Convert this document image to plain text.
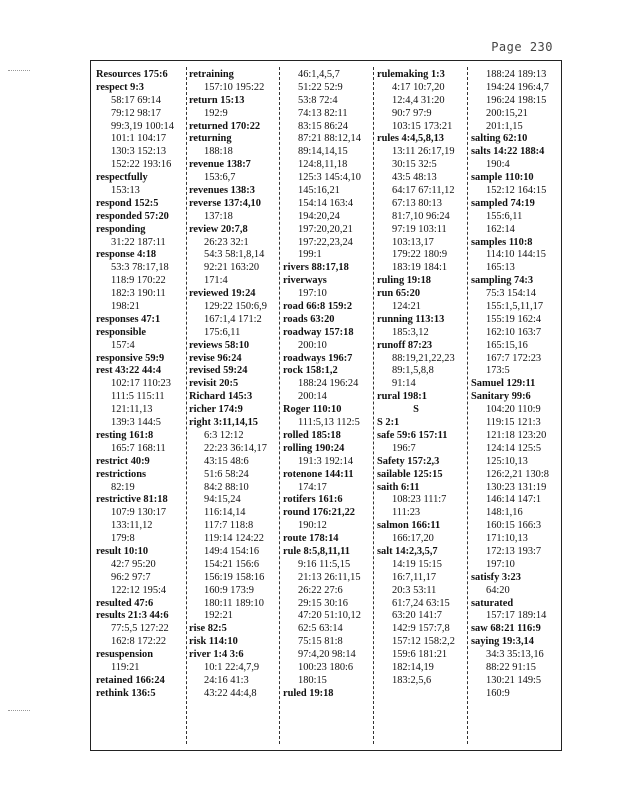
Page 230
Resources 175:6
respect 9:3
58:17 69:14
79:12 98:17
99:3,19 100:14
101:1 104:17
130:3 152:13
152:22 193:16
respectfully
153:13
respond 152:5
responded 57:20
responding
31:22 187:11
response 4:18
53:3 78:17,18
118:9 170:22
182:3 190:11
198:21
responses 47:1
responsible
157:4
responsive 59:9
rest 43:22 44:4
102:17 110:23
111:5 115:11
121:11,13
139:3 144:5
resting 161:8
165:7 168:11
restrict 40:9
restrictions
82:19
restrictive 81:18
107:9 130:17
133:11,12
179:8
result 10:10
42:7 95:20
96:2 97:7
122:12 195:4
resulted 47:6
results 21:3 44:6
77:5,5 127:22
162:8 172:22
resuspension
119:21
retained 166:24
rethink 136:5
retraining
157:10 195:22
return 15:13
192:9
returned 170:22
returning
188:18
revenue 138:7
153:6,7
revenues 138:3
reverse 137:4,10
137:18
review 20:7,8
26:23 32:1
54:3 58:1,8,14
92:21 163:20
171:4
reviewed 19:24
129:22 150:6,9
167:1,4 171:2
175:6,11
reviews 58:10
revise 96:24
revised 59:24
revisit 20:5
Richard 145:3
richer 174:9
right 3:11,14,15
6:3 12:12
22:23 36:14,17
43:15 48:6
51:6 58:24
84:2 88:10
94:15,24
116:14,14
117:7 118:8
119:14 124:22
149:4 154:16
154:21 156:6
156:19 158:16
160:9 173:9
180:11 189:10
192:21
rise 82:5
risk 114:10
river 1:4 3:6
10:1 22:4,7,9
24:16 41:3
43:22 44:4,8
46:1,4,5,7
51:22 52:9
53:8 72:4
74:13 82:11
83:15 86:24
87:21 88:12,14
89:14,14,15
124:8,11,18
125:3 145:4,10
145:16,21
154:14 163:4
194:20,24
197:20,20,21
197:22,23,24
199:1
rivers 88:17,18
riverways
197:10
road 66:8 159:2
roads 63:20
roadway 157:18
200:10
roadways 196:7
rock 158:1,2
188:24 196:24
200:14
Roger 110:10
111:5,13 112:5
rolled 185:18
rolling 190:24
191:3 192:14
rotenone 144:11
174:17
rotifers 161:6
round 176:21,22
190:12
route 178:14
rule 8:5,8,11,11
9:16 11:5,15
21:13 26:11,15
26:22 27:6
29:15 30:16
47:20 51:10,12
62:5 63:14
75:15 81:8
97:4,20 98:14
100:23 180:6
180:15
ruled 19:18
rulemaking 1:3
4:17 10:7,20
12:4,4 31:20
90:7 97:9
103:15 173:21
rules 4:4,5,8,13
13:11 26:17,19
30:15 32:5
43:5 48:13
64:17 67:11,12
67:13 80:13
81:7,10 96:24
97:19 103:11
103:13,17
179:22 180:9
183:19 184:1
ruling 19:18
run 65:20
124:21
running 113:13
185:3,12
runoff 87:23
88:19,21,22,23
89:1,5,8,8
91:14
rural 198:1
S
S 2:1
safe 59:6 157:11
196:7
Safety 157:2,3
sailable 125:15
saith 6:11
108:23 111:7
111:23
salmon 166:11
166:17,20
salt 14:2,3,5,7
14:19 15:15
16:7,11,17
20:3 53:11
61:7,24 63:15
63:20 141:7
142:9 157:7,8
157:12 158:2,2
159:6 181:21
182:14,19
183:2,5,6
188:24 189:13
194:24 196:4,7
196:24 198:15
200:15,21
201:1,15
salting 62:10
salts 14:22 188:4
190:4
sample 110:10
152:12 164:15
sampled 74:19
155:6,11
162:14
samples 110:8
114:10 144:15
165:13
sampling 74:3
75:3 154:14
155:1,5,11,17
155:19 162:4
162:10 163:7
165:15,16
167:7 172:23
173:5
Samuel 129:11
Sanitary 99:6
104:20 110:9
119:15 121:3
121:18 123:20
124:14 125:5
125:10,13
126:2,21 130:8
130:23 131:19
146:14 147:1
148:1,16
160:15 166:3
171:10,13
172:13 193:7
197:10
satisfy 3:23
64:20
saturated
157:17 189:14
saw 68:21 116:9
saying 19:3,14
34:3 35:13,16
88:22 91:15
130:21 149:5
160:9
